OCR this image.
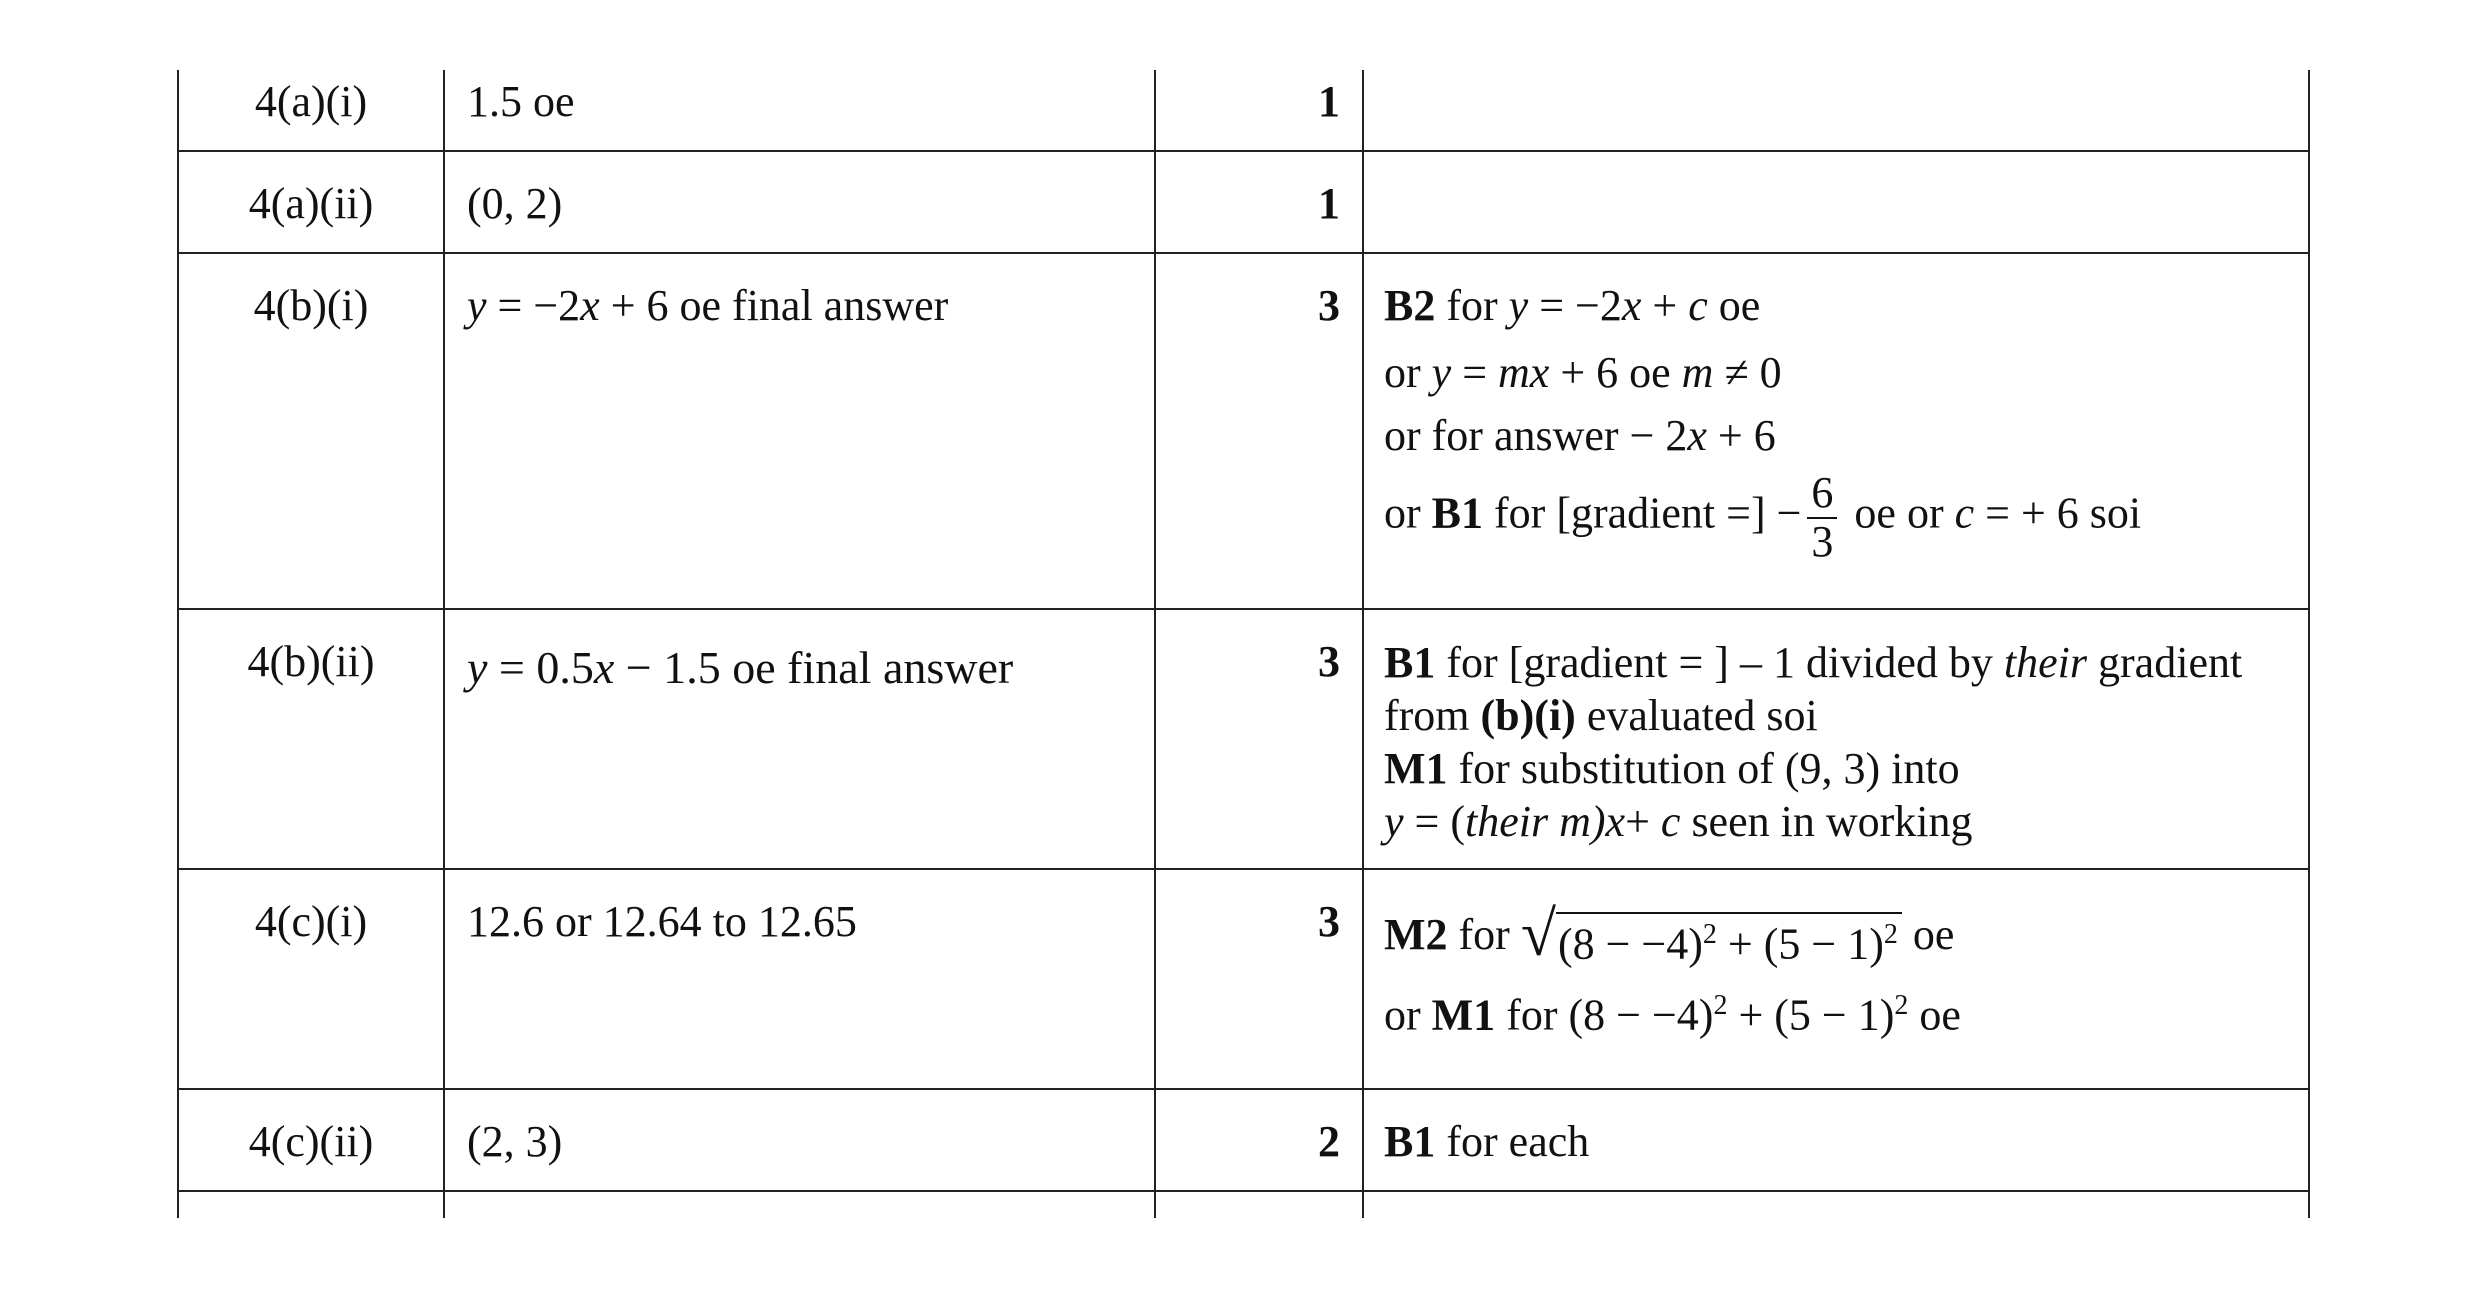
4(a)(i)	1.5 oe	1
4(a)(ii)	(0, 2)	1
4(b)(i)	y = −2x + 6 oe final answer	3 B2 for y = −2x + c oe
or y = mx + 6 oe m ≠ 0
or for answer − 2x + 6
or B1 for [gradient =] − $\frac{6}{3}$ oe or c = + 6 soi
4(b)(ii)	y = 0.5x − 1.5 oe final answer	3 B1 for [gradient = ] – 1 divided by their gradient
from (b)(i) evaluated soi
M1 for substitution of (9, 3) into
y = (their m)x+ c seen in working
4(c)(i)	12.6 or 12.64 to 12.65	3 M2 for √ $(8 - -4)^2 + (5 - 1)^2$ oe
or M1 for $(8 - -4)^2 + (5 - 1)^2$ oe
4(c)(ii)	(2, 3)	2 B1 for each
